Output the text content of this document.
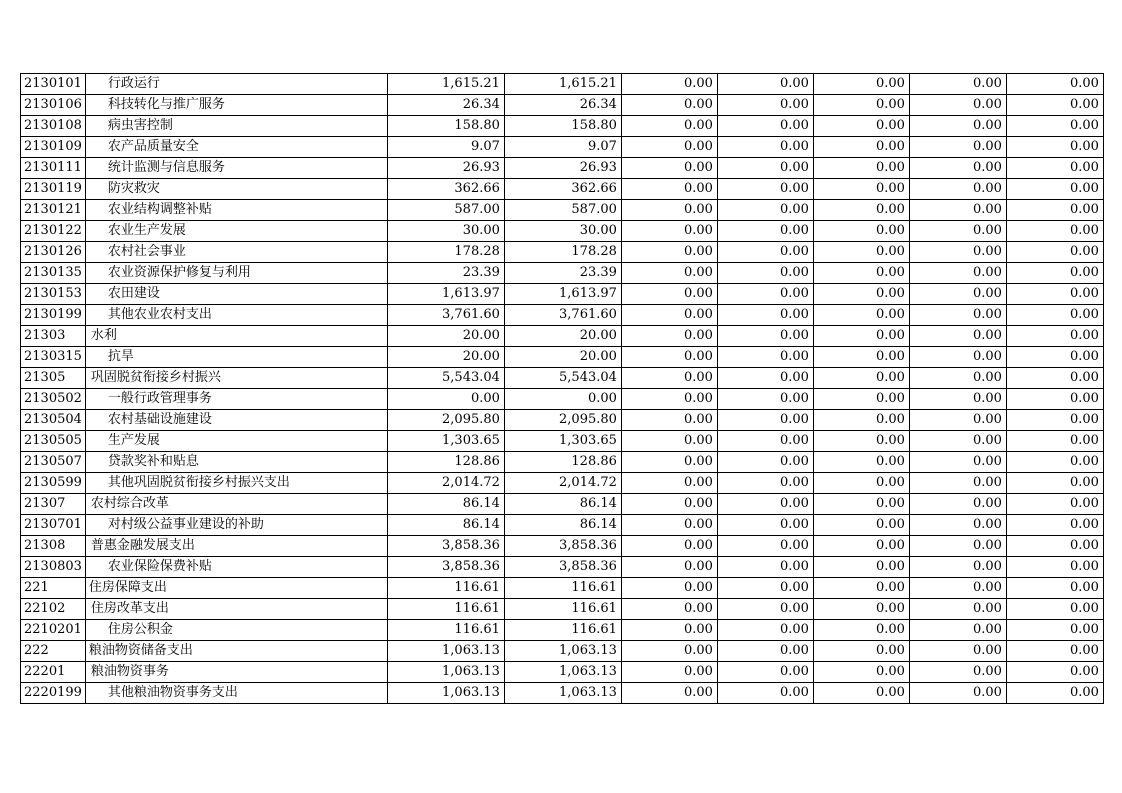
2130101	行政运行	1,615.21	1,615.21	0.00	0.00	0.00	0.00	0.00
2130106	科技转化与推广服务	26.34	26.34	0.00	0.00	0.00	0.00	0.00
2130108	病虫害控制	158.80	158.80	0.00	0.00	0.00	0.00	0.00
2130109	农产品质量安全	9.07	9.07	0.00	0.00	0.00	0.00	0.00
2130111	统计监测与信息服务	26.93	26.93	0.00	0.00	0.00	0.00	0.00
2130119	防灾救灾	362.66	362.66	0.00	0.00	0.00	0.00	0.00
2130121	农业结构调整补贴	587.00	587.00	0.00	0.00	0.00	0.00	0.00
2130122	农业生产发展	30.00	30.00	0.00	0.00	0.00	0.00	0.00
2130126	农村社会事业	178.28	178.28	0.00	0.00	0.00	0.00	0.00
2130135	农业资源保护修复与利用	23.39	23.39	0.00	0.00	0.00	0.00	0.00
2130153	农田建设	1,613.97	1,613.97	0.00	0.00	0.00	0.00	0.00
2130199	其他农业农村支出	3,761.60	3,761.60	0.00	0.00	0.00	0.00	0.00
21303	水利	20.00	20.00	0.00	0.00	0.00	0.00	0.00
2130315	抗旱	20.00	20.00	0.00	0.00	0.00	0.00	0.00
21305	巩固脱贫衔接乡村振兴	5,543.04	5,543.04	0.00	0.00	0.00	0.00	0.00
2130502	一般行政管理事务	0.00	0.00	0.00	0.00	0.00	0.00	0.00
2130504	农村基础设施建设	2,095.80	2,095.80	0.00	0.00	0.00	0.00	0.00
2130505	生产发展	1,303.65	1,303.65	0.00	0.00	0.00	0.00	0.00
2130507	贷款奖补和贴息	128.86	128.86	0.00	0.00	0.00	0.00	0.00
2130599	其他巩固脱贫衔接乡村振兴支出	2,014.72	2,014.72	0.00	0.00	0.00	0.00	0.00
21307	农村综合改革	86.14	86.14	0.00	0.00	0.00	0.00	0.00
2130701	对村级公益事业建设的补助	86.14	86.14	0.00	0.00	0.00	0.00	0.00
21308	普惠金融发展支出	3,858.36	3,858.36	0.00	0.00	0.00	0.00	0.00
2130803	农业保险保费补贴	3,858.36	3,858.36	0.00	0.00	0.00	0.00	0.00
221	住房保障支出	116.61	116.61	0.00	0.00	0.00	0.00	0.00
22102	住房改革支出	116.61	116.61	0.00	0.00	0.00	0.00	0.00
2210201	住房公积金	116.61	116.61	0.00	0.00	0.00	0.00	0.00
222	粮油物资储备支出	1,063.13	1,063.13	0.00	0.00	0.00	0.00	0.00
22201	粮油物资事务	1,063.13	1,063.13	0.00	0.00	0.00	0.00	0.00
2220199	其他粮油物资事务支出	1,063.13	1,063.13	0.00	0.00	0.00	0.00	0.00
